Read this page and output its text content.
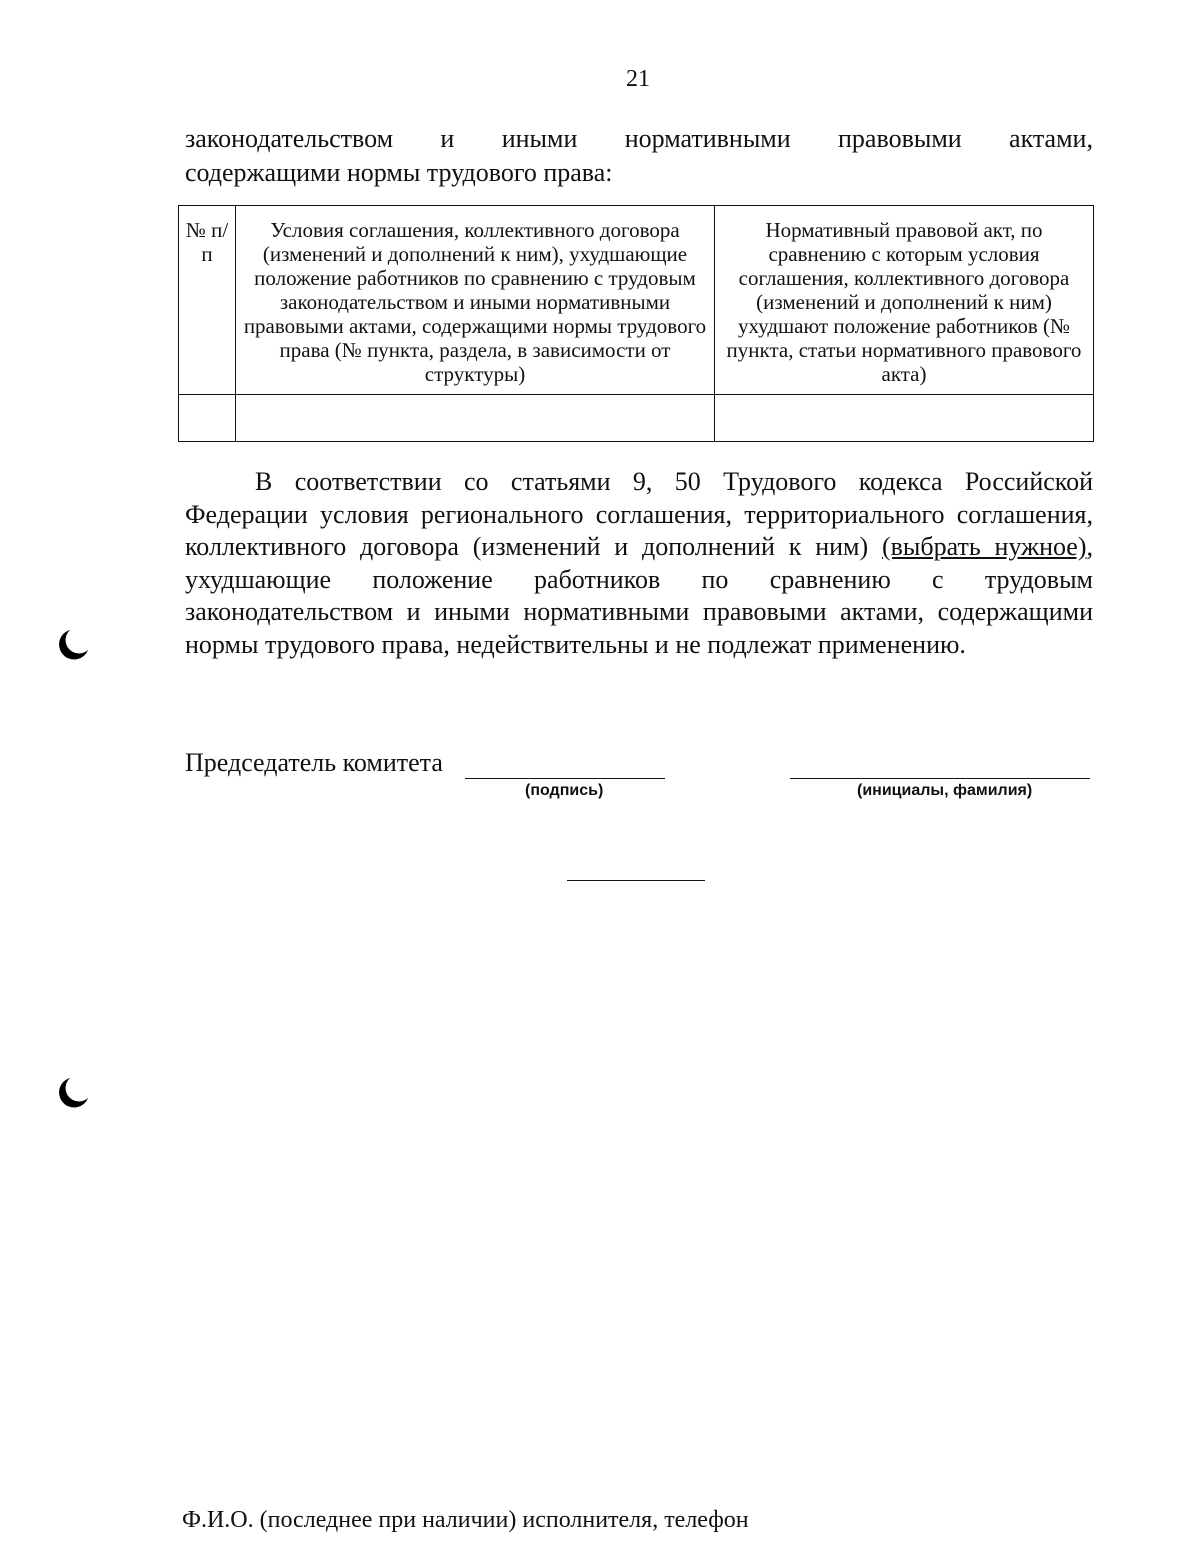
21
законодательством и иными нормативными правовыми актами,
содержащими нормы трудового права:
№ п/п	Условия соглашения, коллективного договора (изменений и дополнений к ним), ухудшающие положение работников по сравнению с трудовым законодательством и иными нормативными правовыми актами, содержащими нормы трудового права (№ пункта, раздела, в зависимости от структуры)	Нормативный правовой акт, по сравнению с которым условия соглашения, коллективного договора (изменений и дополнений к ним) ухудшают положение работников (№ пункта, статьи нормативного правового акта)

В соответствии со статьями 9, 50 Трудового кодекса Российской Федерации условия регионального соглашения, территориального соглашения, коллективного договора (изменений и дополнений к ним) (выбрать нужное), ухудшающие положение работников по сравнению с трудовым законодательством и иными нормативными правовыми актами, содержащими нормы трудового права, недействительны и не подлежат применению.
Председатель комитета
(подпись)	(инициалы, фамилия)
Ф.И.О. (последнее при наличии) исполнителя, телефон
